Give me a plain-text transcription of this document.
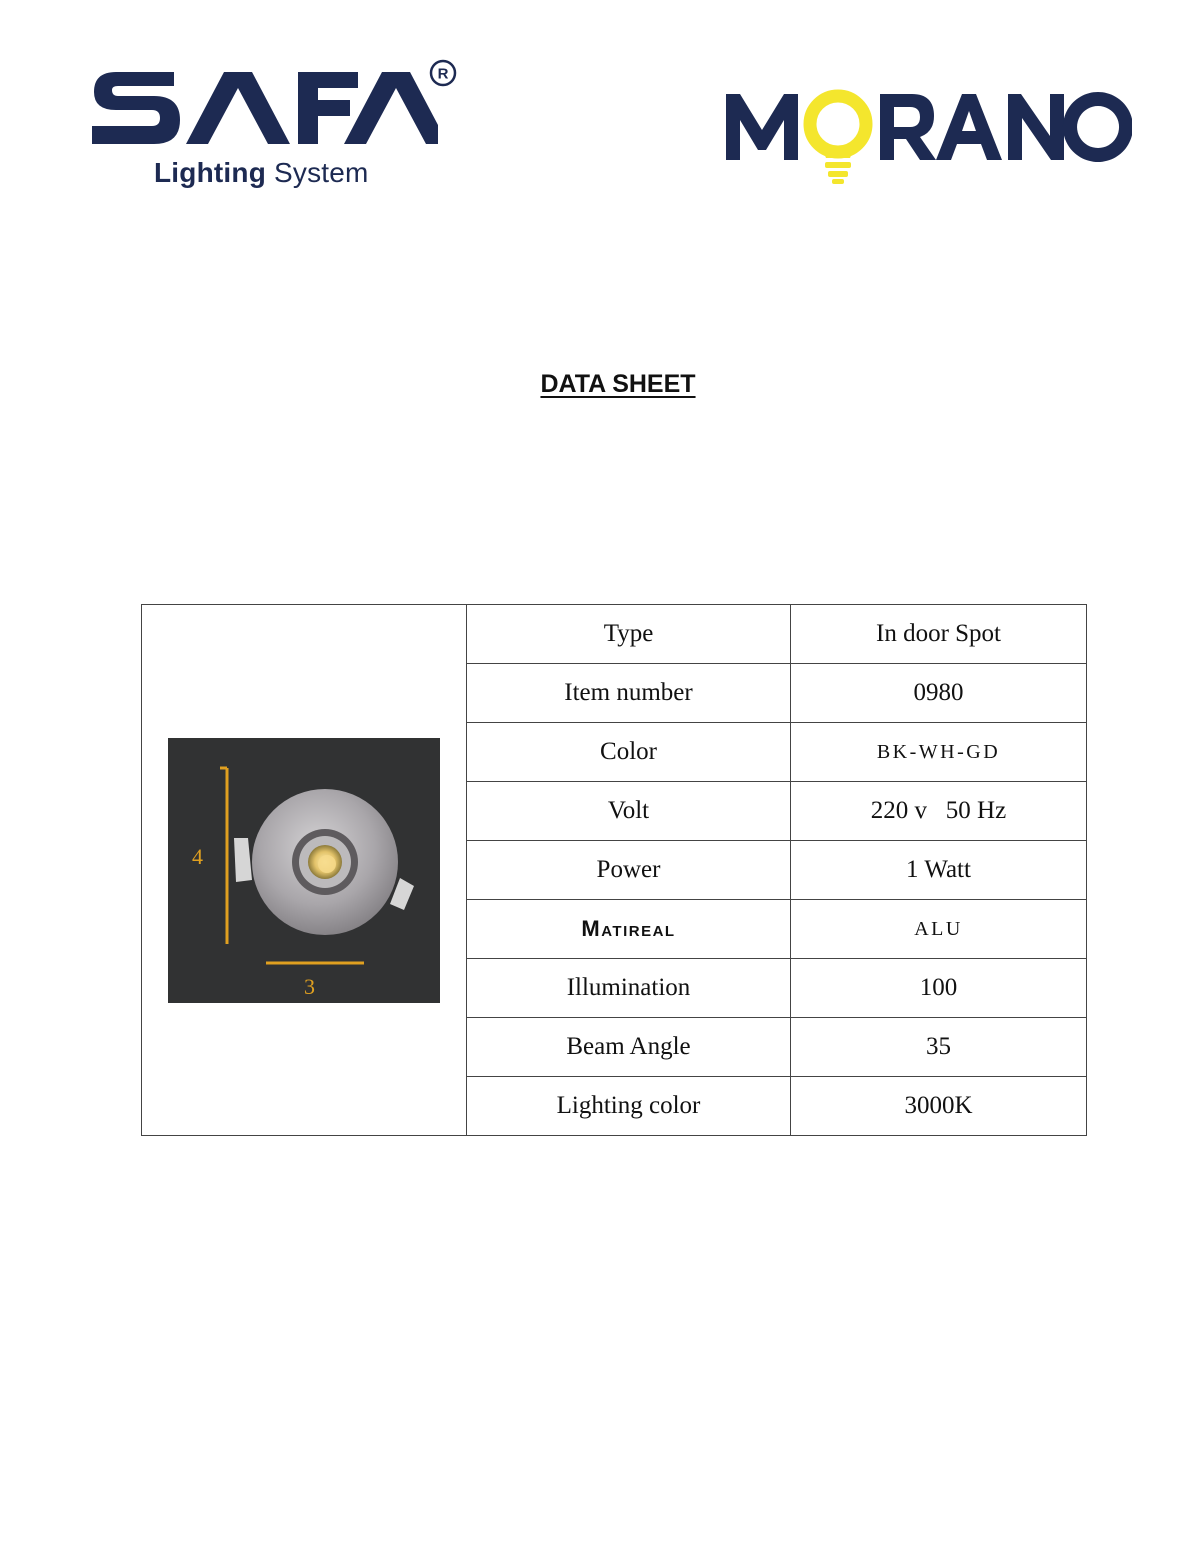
R
Lighting System
DATA SHEET
4
3	Type	In door Spot
	Item number	0980
	Color	BK-WH-GD
	Volt	220 v   50 Hz
	Power	1 Watt
	Matireal	ALU
	Illumination	100
	Beam Angle	35
	Lighting color	3000K
